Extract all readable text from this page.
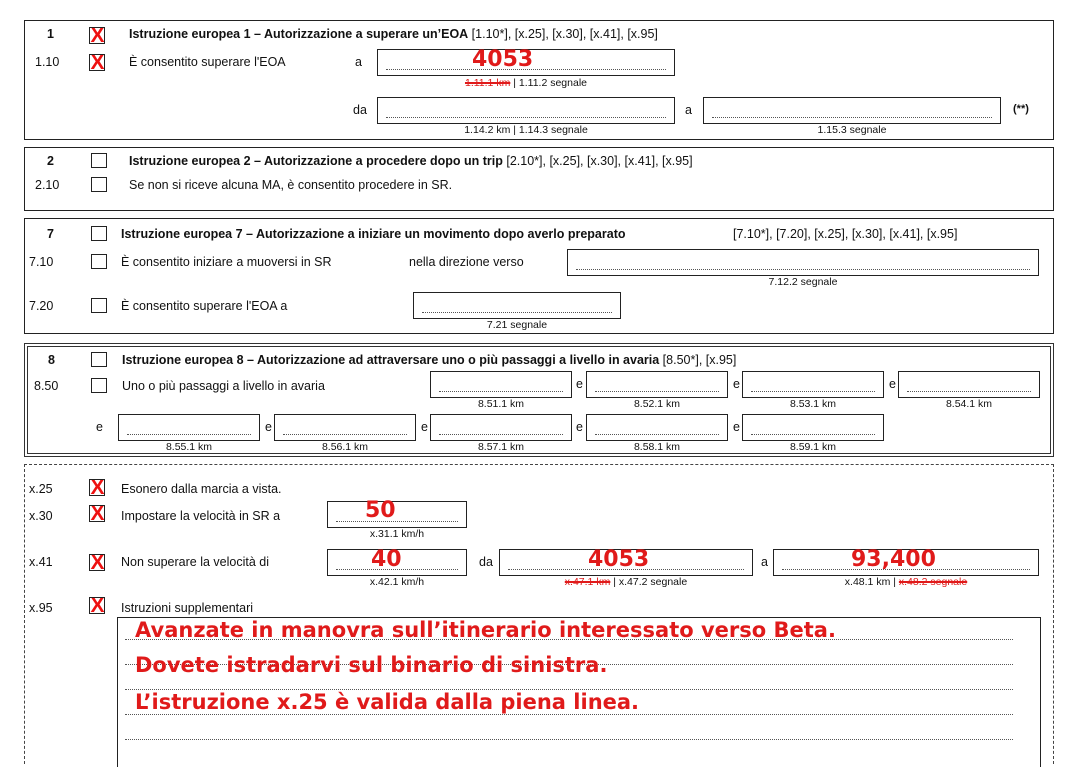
1 X Istruzione europea 1 – Autorizzazione a superare un’EOA [1.10*], [x.25], [x.30], [x.41], [x.95]
1.10 X È consentito superare l'EOA	a	4053
1.11.1 km | 1.11.2 segnale
da
1.14.2 km | 1.14.3 segnale
a
1.15.3 segnale
(**)
2	Istruzione europea 2 – Autorizzazione a procedere dopo un trip [2.10*], [x.25], [x.30], [x.41], [x.95]
2.10	Se non si riceve alcuna MA, è consentito procedere in SR.
7	Istruzione europea 7 – Autorizzazione a iniziare un movimento dopo averlo preparato	[7.10*], [7.20], [x.25], [x.30], [x.41], [x.95]
7.10	È consentito iniziare a muoversi in SR	nella direzione verso
7.12.2 segnale
7.20	È consentito superare l'EOA a
7.21 segnale
8	Istruzione europea 8 – Autorizzazione ad attraversare uno o più passaggi a livello in avaria [8.50*], [x.95]
8.50	Uno o più passaggi a livello in avaria
8.51.1 km
e
8.52.1 km
e
8.53.1 km
e
8.54.1 km
e
8.55.1 km
e
8.56.1 km
e
8.57.1 km
e
8.58.1 km
e
8.59.1 km
x.25 X Esonero dalla marcia a vista.
x.30 X Impostare la velocità in SR a	50
x.31.1 km/h
x.41 X Non superare la velocità di	40
x.42.1 km/h
da	4053
x.47.1 km | x.47.2 segnale
a	93,400
x.48.1 km | x.48.2 segnale
x.95 X Istruzioni supplementari
Avanzate in manovra sull’itinerario interessato verso Beta.
Dovete istradarvi sul binario di sinistra.
L’istruzione x.25 è valida dalla piena linea.
